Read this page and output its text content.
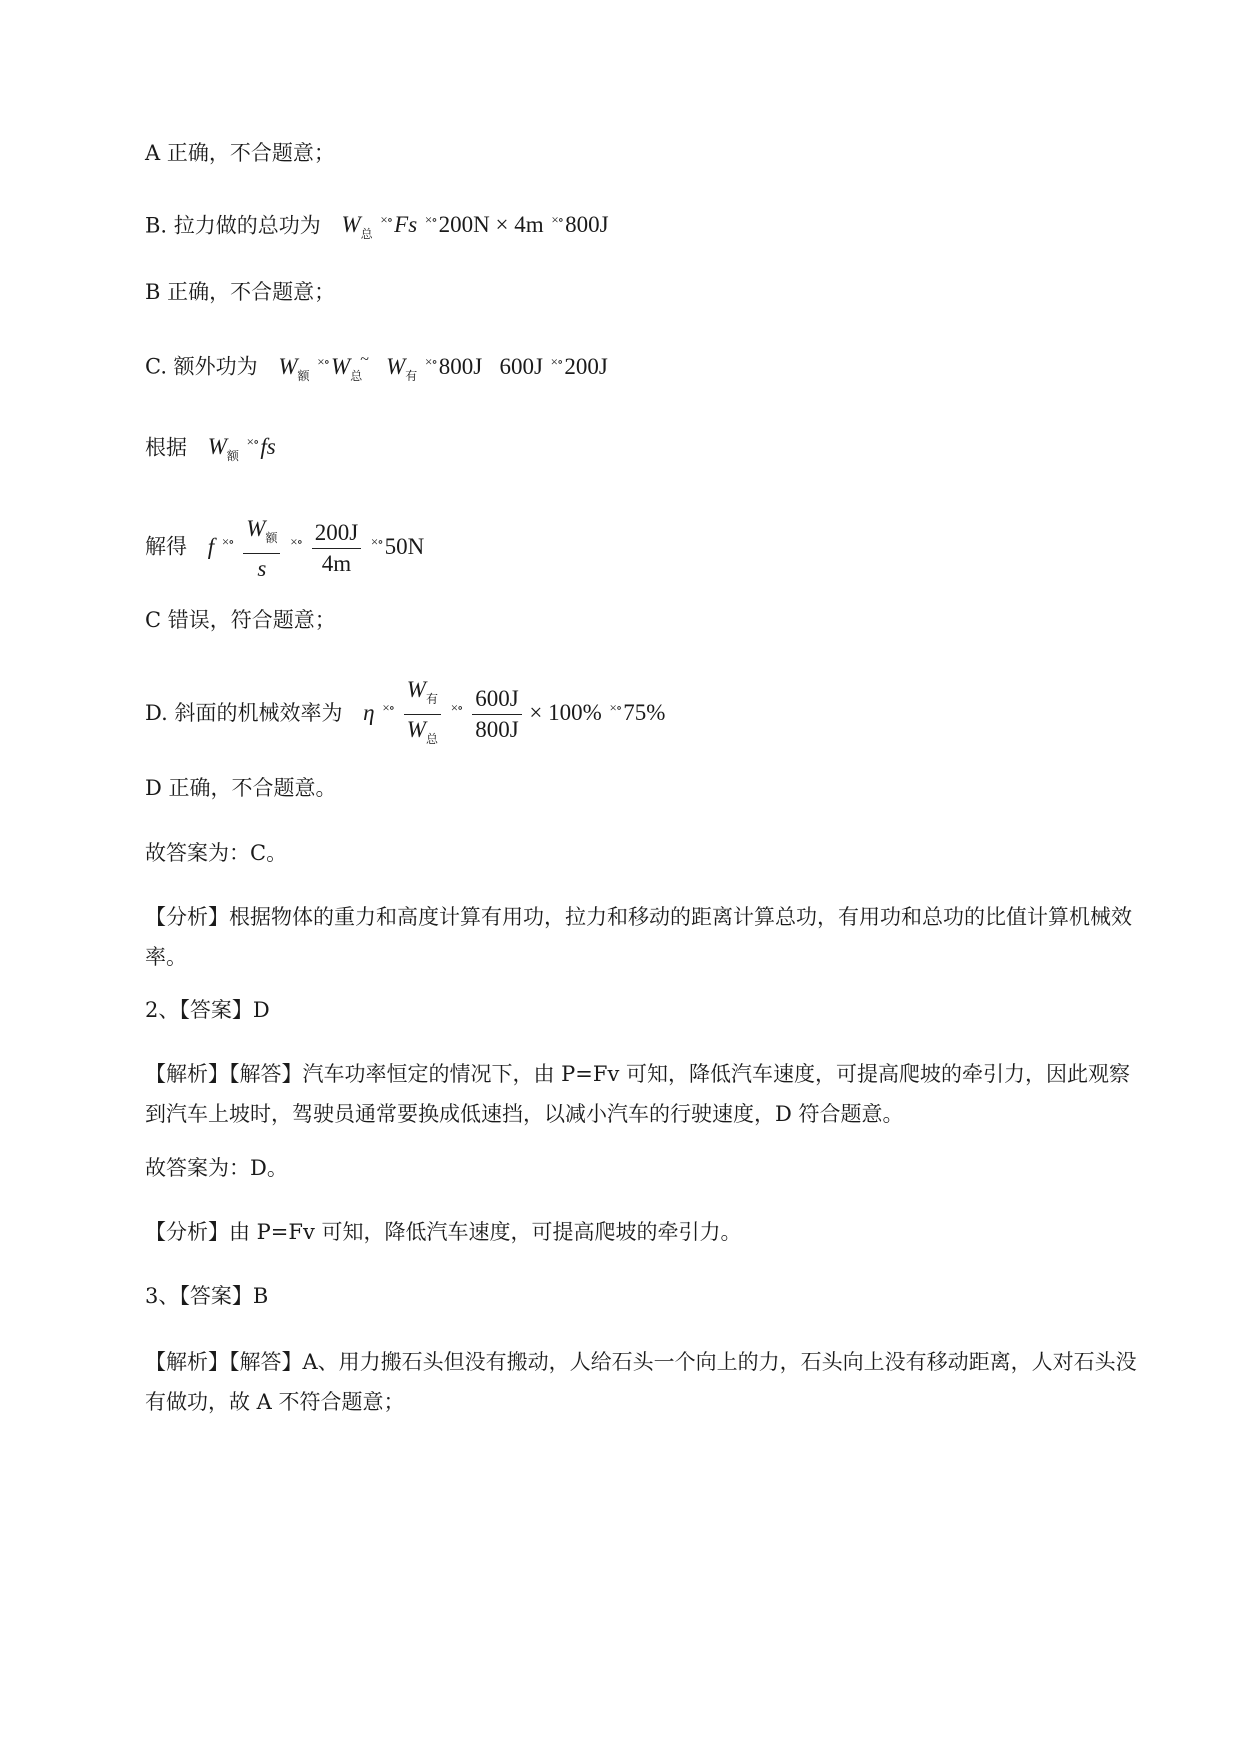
A 正确，不合题意；
B. 拉力做的总功为 $W_总$ ×∘Fs ×∘200N × 4m ×∘800J
B 正确，不合题意；
C. 额外功为 $W_额$ $^{\times\circ}W_总^\sim$ $W_有$ ×∘800J 600J ×∘200J
根据 $W_额$ ×∘fs
解得 f $^{\times\circ} \frac{W_额}{s} ^{\times\circ} \frac{200J}{4m} ^{\times\circ}50N$
C 错误，符合题意；
D. 斜面的机械效率为 η $^{\times\circ} \frac{W_有}{W_总} ^{\times\circ} \frac{600J}{800J} \times 100\%$ ×∘75%
D 正确，不合题意。
故答案为：C。
【分析】根据物体的重力和高度计算有用功，拉力和移动的距离计算总功，有用功和总功的比值计算机械效率。
2、【答案】D
【解析】【解答】汽车功率恒定的情况下，由 P=Fv 可知，降低汽车速度，可提高爬坡的牵引力，因此观察到汽车上坡时，驾驶员通常要换成低速挡，以减小汽车的行驶速度，D 符合题意。
故答案为：D。
【分析】由 P=Fv 可知，降低汽车速度，可提高爬坡的牵引力。
3、【答案】B
【解析】【解答】A、用力搬石头但没有搬动，人给石头一个向上的力，石头向上没有移动距离，人对石头没有做功，故 A 不符合题意；
